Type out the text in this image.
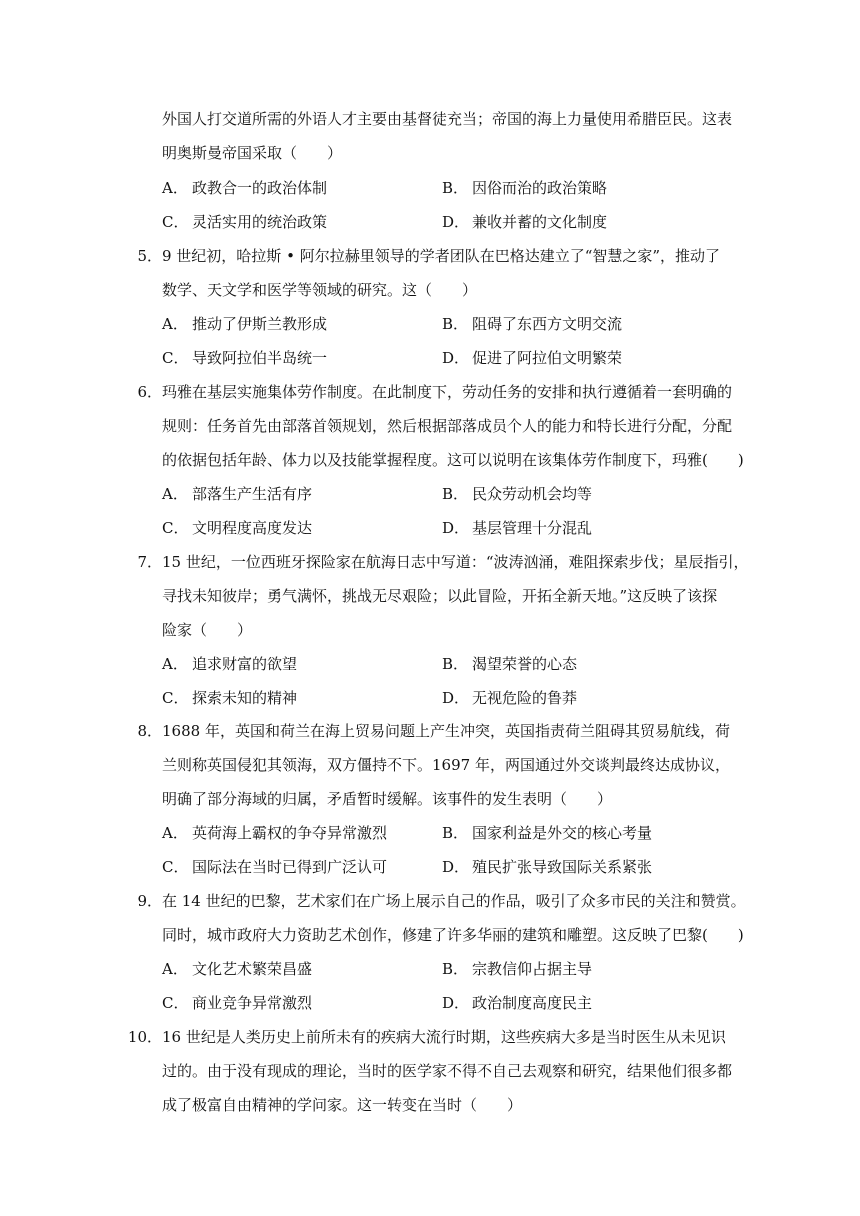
外国人打交道所需的外语人才主要由基督徒充当；帝国的海上力量使用希腊臣民。这表
明奥斯曼帝国采取（　　）
A． 政教合一的政治体制	B． 因俗而治的政治策略
C． 灵活实用的统治政策	D． 兼收并蓄的文化制度
5． 9 世纪初，哈拉斯 • 阿尔拉赫里领导的学者团队在巴格达建立了“智慧之家”，推动了
数学、天文学和医学等领域的研究。这（　　）
A． 推动了伊斯兰教形成	B． 阻碍了东西方文明交流
C． 导致阿拉伯半岛统一	D． 促进了阿拉伯文明繁荣
6． 玛雅在基层实施集体劳作制度。在此制度下，劳动任务的安排和执行遵循着一套明确的
规则：任务首先由部落首领规划，然后根据部落成员个人的能力和特长进行分配，分配
的依据包括年龄、体力以及技能掌握程度。这可以说明在该集体劳作制度下，玛雅(　　)
A． 部落生产生活有序	B． 民众劳动机会均等
C． 文明程度高度发达	D． 基层管理十分混乱
7． 15 世纪，一位西班牙探险家在航海日志中写道：“波涛汹涌，难阻探索步伐；星辰指引，
寻找未知彼岸；勇气满怀，挑战无尽艰险；以此冒险，开拓全新天地。”这反映了该探
险家（　　）
A． 追求财富的欲望	B． 渴望荣誉的心态
C． 探索未知的精神	D． 无视危险的鲁莽
8． 1688 年，英国和荷兰在海上贸易问题上产生冲突，英国指责荷兰阻碍其贸易航线，荷
兰则称英国侵犯其领海，双方僵持不下。1697 年，两国通过外交谈判最终达成协议，
明确了部分海域的归属，矛盾暂时缓解。该事件的发生表明（　　）
A． 英荷海上霸权的争夺异常激烈	B． 国家利益是外交的核心考量
C． 国际法在当时已得到广泛认可	D． 殖民扩张导致国际关系紧张
9． 在 14 世纪的巴黎，艺术家们在广场上展示自己的作品，吸引了众多市民的关注和赞赏。
同时，城市政府大力资助艺术创作，修建了许多华丽的建筑和雕塑。这反映了巴黎(　　)
A． 文化艺术繁荣昌盛	B． 宗教信仰占据主导
C． 商业竞争异常激烈	D． 政治制度高度民主
10． 16 世纪是人类历史上前所未有的疾病大流行时期，这些疾病大多是当时医生从未见识
过的。由于没有现成的理论，当时的医学家不得不自己去观察和研究，结果他们很多都
成了极富自由精神的学问家。这一转变在当时（　　）
